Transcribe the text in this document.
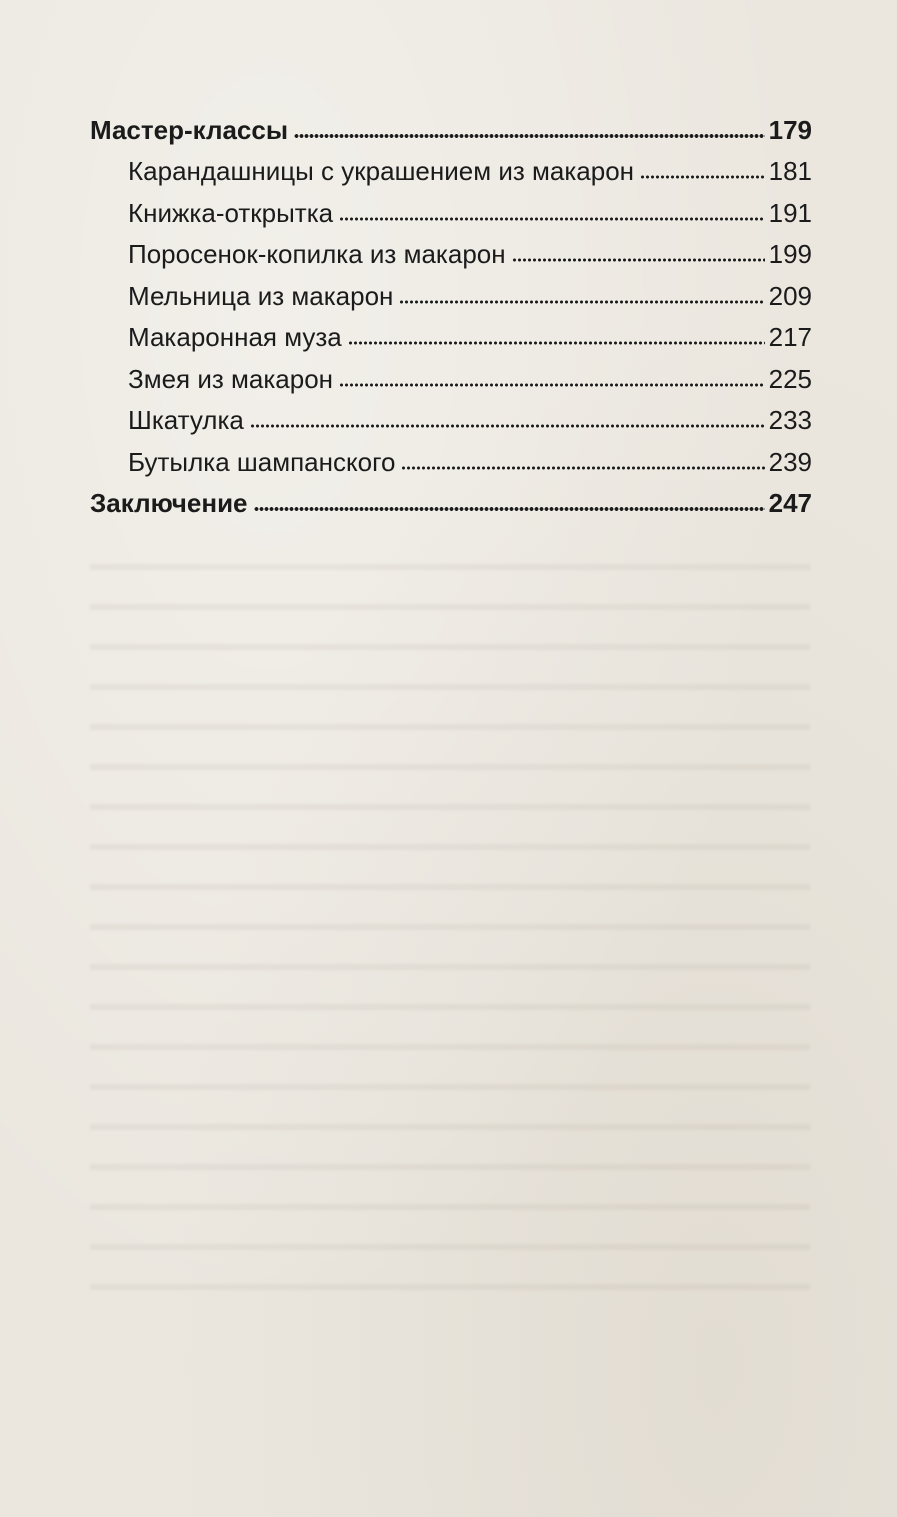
Мастер-классы	179
Карандашницы с украшением из макарон	181
Книжка-открытка	191
Поросенок-копилка из макарон	199
Мельница из макарон	209
Макаронная муза	217
Змея из макарон	225
Шкатулка	233
Бутылка шампанского	239
Заключение	247
